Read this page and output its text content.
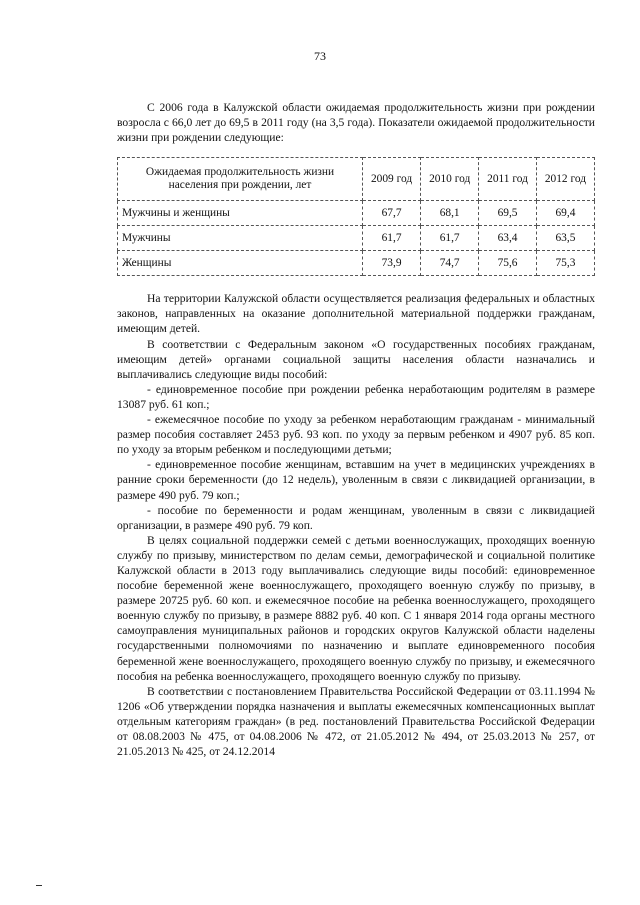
73

С 2006 года в Калужской области ожидаемая продолжительность жизни при рождении возросла с 66,0 лет до 69,5 в 2011 году (на 3,5 года). Показатели ожидаемой продолжительности жизни при рождении следующие:

Ожидаемая продолжительность жизни населения при рождении, лет	2009 год	2010 год	2011 год	2012 год
Мужчины и женщины	67,7	68,1	69,5	69,4
Мужчины	61,7	61,7	63,4	63,5
Женщины	73,9	74,7	75,6	75,3

На территории Калужской области осуществляется реализация федеральных и областных законов, направленных на оказание дополнительной материальной поддержки гражданам, имеющим детей.

В соответствии с Федеральным законом «О государственных пособиях гражданам, имеющим детей» органами социальной защиты населения области назначались и выплачивались следующие виды пособий:

- единовременное пособие при рождении ребенка неработающим родителям в размере 13087 руб. 61 коп.;

- ежемесячное пособие по уходу за ребенком неработающим гражданам - минимальный размер пособия составляет 2453 руб. 93 коп. по уходу за первым ребенком и 4907 руб. 85 коп. по уходу за вторым ребенком и последующими детьми;

- единовременное пособие женщинам, вставшим на учет в медицинских учреждениях в ранние сроки беременности (до 12 недель), уволенным в связи с ликвидацией организации, в размере 490 руб. 79 коп.;

- пособие по беременности и родам женщинам, уволенным в связи с ликвидацией организации, в размере 490 руб. 79 коп.

В целях социальной поддержки семей с детьми военнослужащих, проходящих военную службу по призыву, министерством по делам семьи, демографической и социальной политике Калужской области в 2013 году выплачивались следующие виды пособий: единовременное пособие беременной жене военнослужащего, проходящего военную службу по призыву, в размере 20725 руб. 60 коп. и ежемесячное пособие на ребенка военнослужащего, проходящего военную службу по призыву, в размере 8882 руб. 40 коп. С 1 января 2014 года органы местного самоуправления муниципальных районов и городских округов Калужской области наделены государственными полномочиями по назначению и выплате единовременного пособия беременной жене военнослужащего, проходящего военную службу по призыву, и ежемесячного пособия на ребенка военнослужащего, проходящего военную службу по призыву.

В соответствии с постановлением Правительства Российской Федерации от 03.11.1994 № 1206 «Об утверждении порядка назначения и выплаты ежемесячных компенсационных выплат отдельным категориям граждан» (в ред. постановлений Правительства Российской Федерации от 08.08.2003 № 475, от 04.08.2006 № 472, от 21.05.2012 № 494, от 25.03.2013 № 257, от 21.05.2013 № 425, от 24.12.2014
